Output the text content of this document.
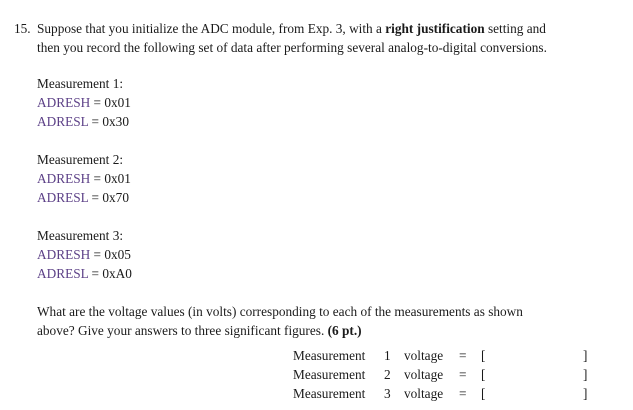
15. Suppose that you initialize the ADC module, from Exp. 3, with a right justification setting and
then you record the following set of data after performing several analog-to-digital conversions.
Measurement 1:
ADRESH = 0x01
ADRESL = 0x30
Measurement 2:
ADRESH = 0x01
ADRESL = 0x70
Measurement 3:
ADRESH = 0x05
ADRESL = 0xA0
What are the voltage values (in volts) corresponding to each of the measurements as shown
above? Give your answers to three significant figures. (6 pt.)
Measurement 1 voltage = [	]
Measurement 2 voltage = [	]
Measurement 3 voltage = [	]
